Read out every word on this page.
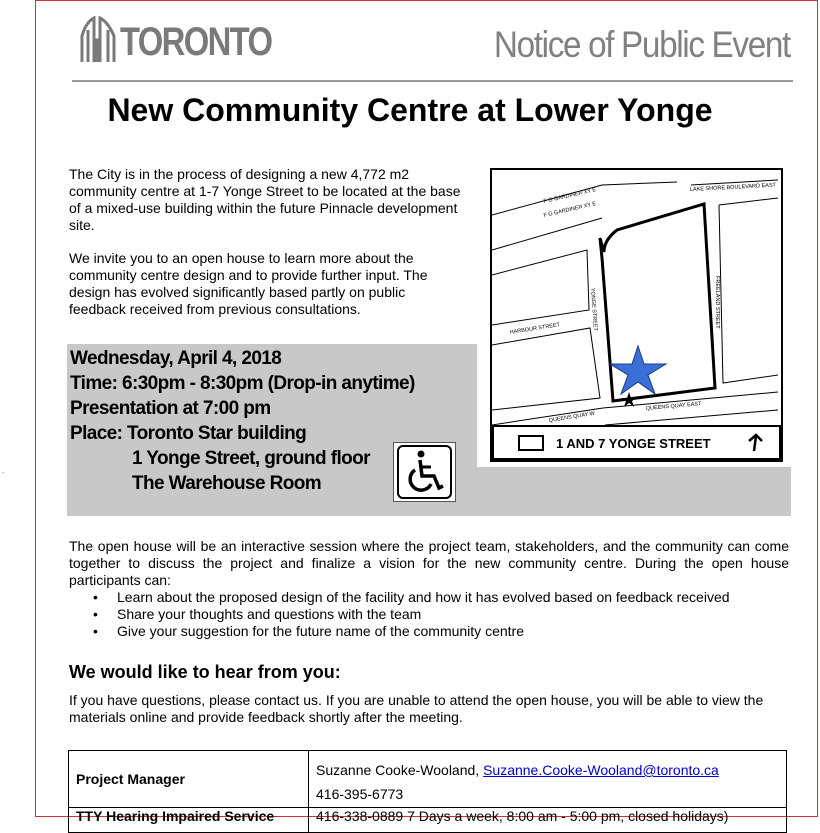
.
TORONTO	Notice of Public Event
New Community Centre at Lower Yonge

The City is in the process of designing a new 4,772 m2 community centre at 1-7 Yonge Street to be located at the base of a mixed-use building within the future Pinnacle development site.

We invite you to an open house to learn more about the community centre design and to provide further input. The design has evolved significantly based partly on public feedback received from previous consultations.

F G GARDINER XY E
F G GARDINER XY E
LAKE SHORE BOULEVARD EAST
FREELAND STREET
YONGE STREET
HARBOUR STREET
QUEENS QUAY W
QUEENS QUAY EAST
1 AND 7 YONGE STREET
Wednesday, April 4, 2018
Time: 6:30pm - 8:30pm (Drop-in anytime)
Presentation at 7:00 pm
Place: Toronto Star building
1 Yonge Street, ground floor
The Warehouse Room

The open house will be an interactive session where the project team, stakeholders, and the community can come together to discuss the project and finalize a vision for the new community centre. During the open house participants can:

• Learn about the proposed design of the facility and how it has evolved based on feedback received
• Share your thoughts and questions with the team
• Give your suggestion for the future name of the community centre
We would like to hear from you:
If you have questions, please contact us. If you are unable to attend the open house, you will be able to view the materials online and provide feedback shortly after the meeting.
Project Manager	Suzanne Cooke-Wooland, Suzanne.Cooke-Wooland@toronto.ca
416-395-6773
TTY Hearing Impaired Service	416-338-0889 7 Days a week, 8:00 am - 5:00 pm, closed holidays)
